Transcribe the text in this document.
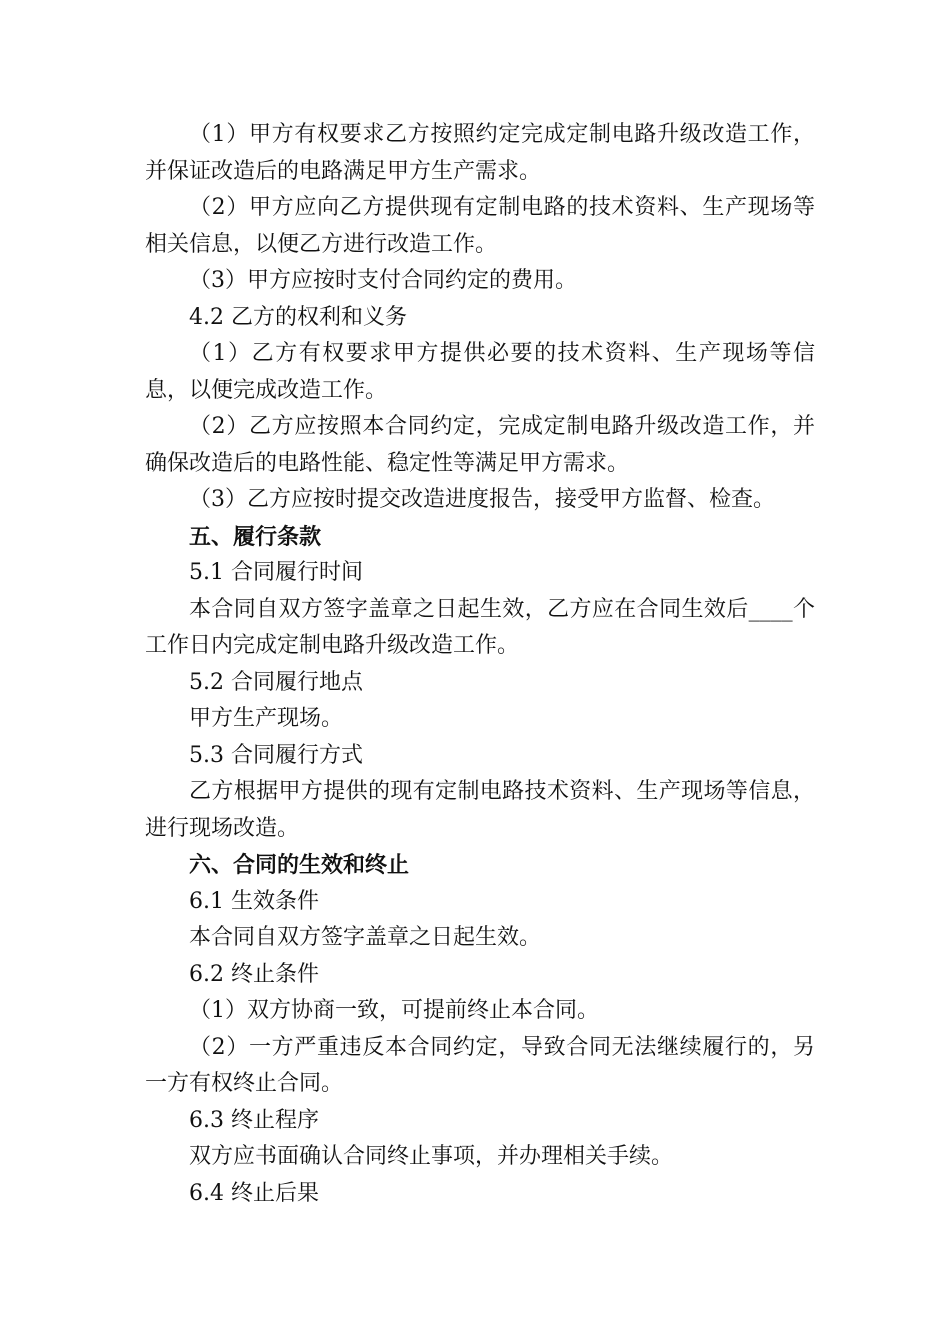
（1）甲方有权要求乙方按照约定完成定制电路升级改造工作，并保证改造后的电路满足甲方生产需求。

（2）甲方应向乙方提供现有定制电路的技术资料、生产现场等相关信息，以便乙方进行改造工作。

（3）甲方应按时支付合同约定的费用。

4.2 乙方的权利和义务

（1）乙方有权要求甲方提供必要的技术资料、生产现场等信息，以便完成改造工作。

（2）乙方应按照本合同约定，完成定制电路升级改造工作，并确保改造后的电路性能、稳定性等满足甲方需求。

（3）乙方应按时提交改造进度报告，接受甲方监督、检查。

五、履行条款

5.1 合同履行时间

本合同自双方签字盖章之日起生效，乙方应在合同生效后____个工作日内完成定制电路升级改造工作。

5.2 合同履行地点

甲方生产现场。

5.3 合同履行方式

乙方根据甲方提供的现有定制电路技术资料、生产现场等信息，进行现场改造。

六、合同的生效和终止

6.1 生效条件

本合同自双方签字盖章之日起生效。

6.2 终止条件

（1）双方协商一致，可提前终止本合同。

（2）一方严重违反本合同约定，导致合同无法继续履行的，另一方有权终止合同。

6.3 终止程序

双方应书面确认合同终止事项，并办理相关手续。

6.4 终止后果
